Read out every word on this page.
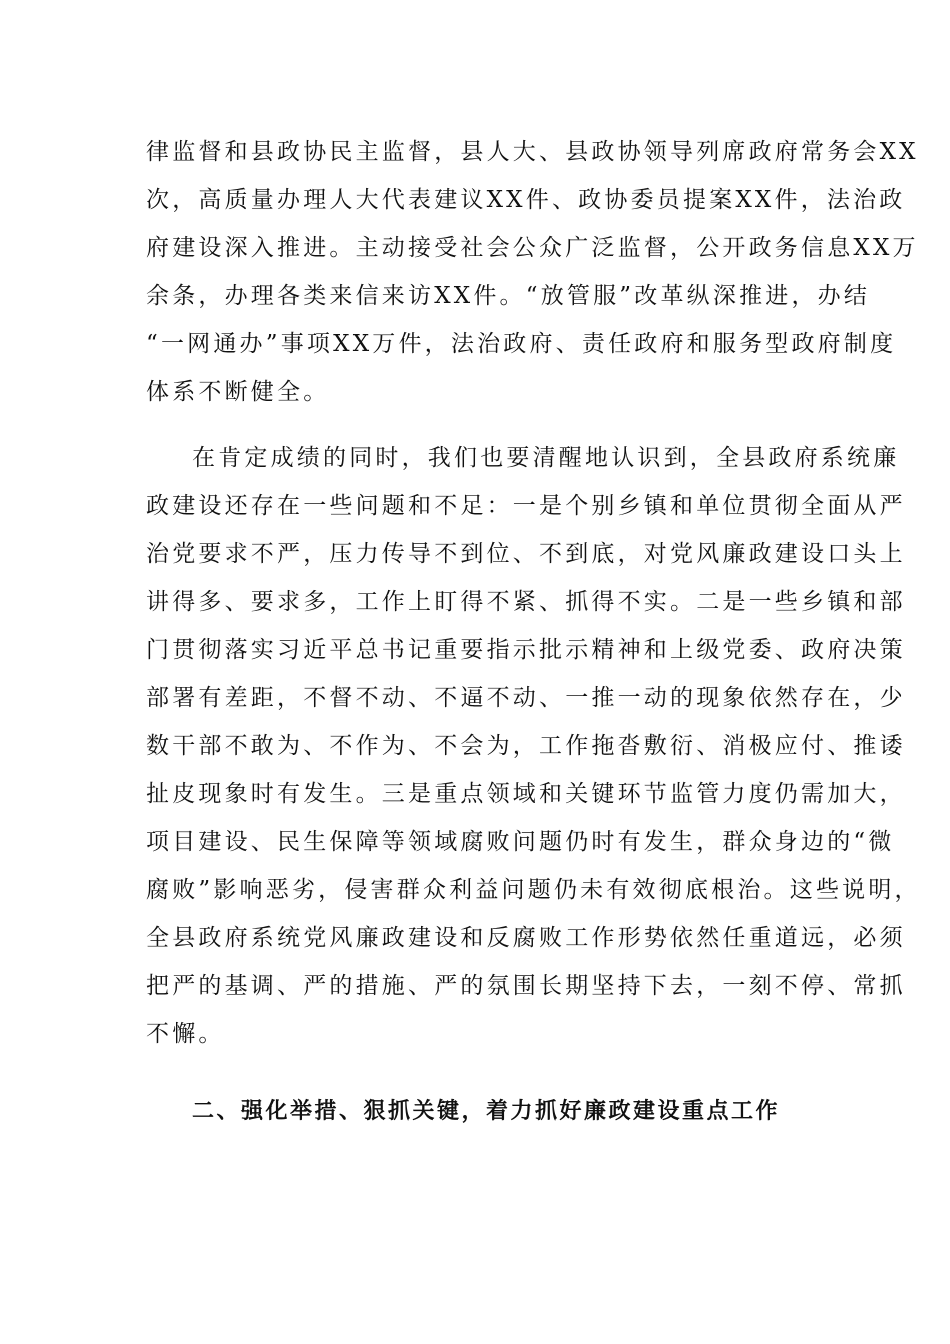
律监督和县政协民主监督，县人大、县政协领导列席政府常务会XX
次，高质量办理人大代表建议XX件、政协委员提案XX件，法治政
府建设深入推进。主动接受社会公众广泛监督，公开政务信息XX万
余条，办理各类来信来访XX件。“放管服”改革纵深推进，办结
“一网通办”事项XX万件，法治政府、责任政府和服务型政府制度
体系不断健全。
在肯定成绩的同时，我们也要清醒地认识到，全县政府系统廉
政建设还存在一些问题和不足：一是个别乡镇和单位贯彻全面从严
治党要求不严，压力传导不到位、不到底，对党风廉政建设口头上
讲得多、要求多，工作上盯得不紧、抓得不实。二是一些乡镇和部
门贯彻落实习近平总书记重要指示批示精神和上级党委、政府决策
部署有差距，不督不动、不逼不动、一推一动的现象依然存在，少
数干部不敢为、不作为、不会为，工作拖沓敷衍、消极应付、推诿
扯皮现象时有发生。三是重点领域和关键环节监管力度仍需加大，
项目建设、民生保障等领域腐败问题仍时有发生，群众身边的“微
腐败”影响恶劣，侵害群众利益问题仍未有效彻底根治。这些说明，
全县政府系统党风廉政建设和反腐败工作形势依然任重道远，必须
把严的基调、严的措施、严的氛围长期坚持下去，一刻不停、常抓
不懈。
二、强化举措、狠抓关键，着力抓好廉政建设重点工作
